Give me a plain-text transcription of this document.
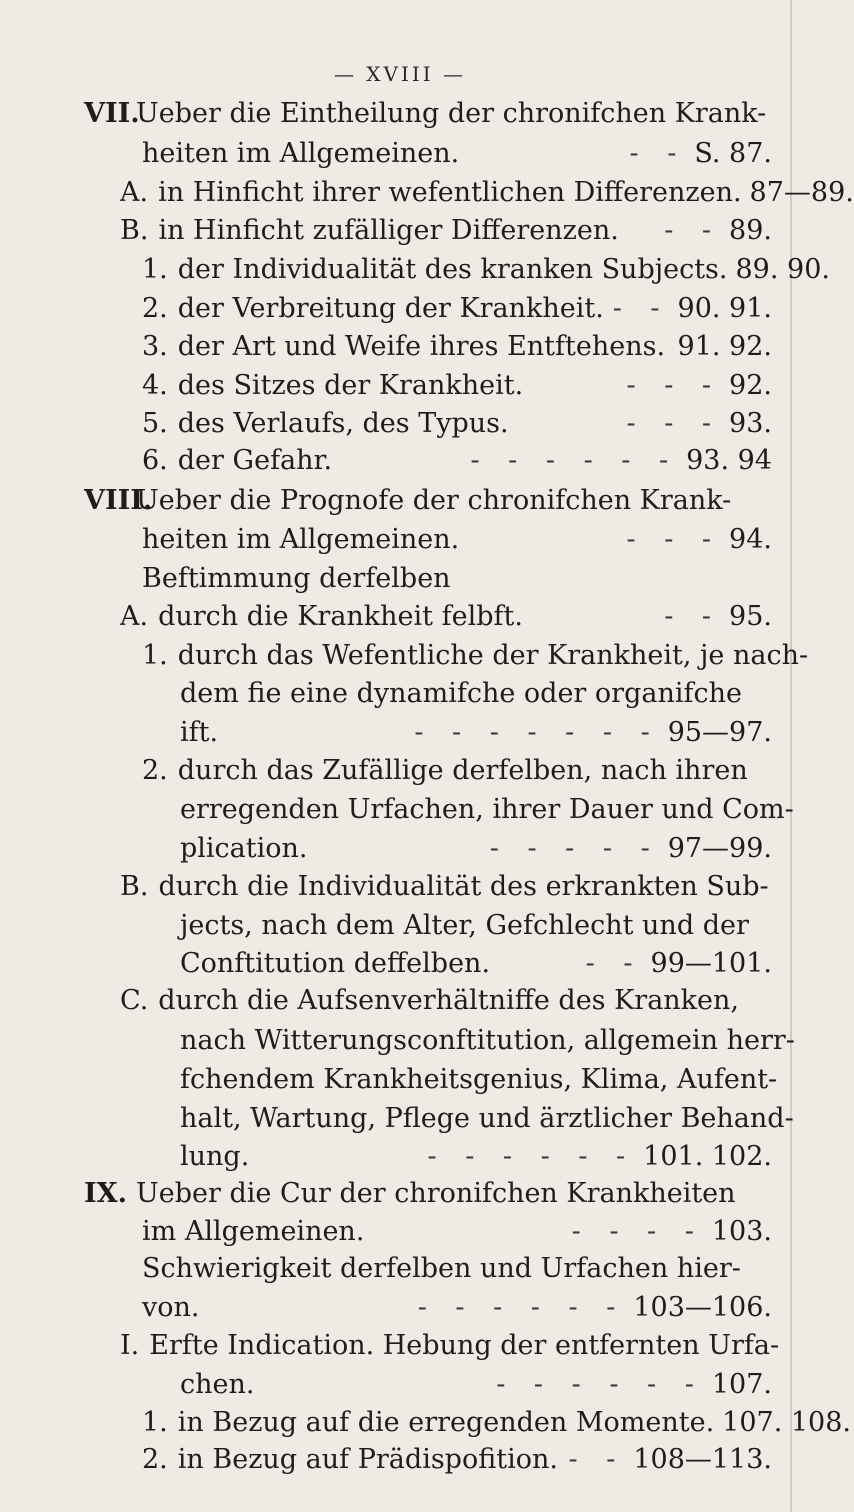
— XVIII —
VII.
Ueber die Eintheilung der chronifchen Krank-
heiten im Allgemeinen.	- - S. 87.
A. in Hinficht ihrer wefentlichen Differenzen. 87—89.
B. in Hinficht zufälliger Differenzen.	- - 89.
1. der Individualität des kranken Subjects. 89. 90.
2. der Verbreitung der Krankheit. - - 90. 91.
3. der Art und Weife ihres Entftehens. 91. 92.
4. des Sitzes der Krankheit.	- - - 92.
5. des Verlaufs, des Typus.	- - - 93.
6. der Gefahr.	- - - - - - 93. 94
VIII.
Ueber die Prognofe der chronifchen Krank-
heiten im Allgemeinen.	- - - 94.
Beftimmung derfelben
A. durch die Krankheit felbft.	- - 95.
1. durch das Wefentliche der Krankheit, je nach-
dem fie eine dynamifche oder organifche
ift.	- - - - - - - 95—97.
2. durch das Zufällige derfelben, nach ihren
erregenden Urfachen, ihrer Dauer und Com-
plication.	- - - - - 97—99.
B. durch die Individualität des erkrankten Sub-
jects, nach dem Alter, Gefchlecht und der
Conftitution deffelben.	- - 99—101.
C. durch die Aufsenverhältniffe des Kranken,
nach Witterungsconftitution, allgemein herr-
fchendem Krankheitsgenius, Klima, Aufent-
halt, Wartung, Pflege und ärztlicher Behand-
lung.	- - - - - - 101. 102.
IX. Ueber die Cur der chronifchen Krankheiten
im Allgemeinen.	- - - - 103.
Schwierigkeit derfelben und Urfachen hier-
von.	- - - - - - 103—106.
I. Erfte Indication. Hebung der entfernten Urfa-
chen.	- - - - - - 107.
1. in Bezug auf die erregenden Momente. 107. 108.
2. in Bezug auf Prädispofition. - - 108—113.
